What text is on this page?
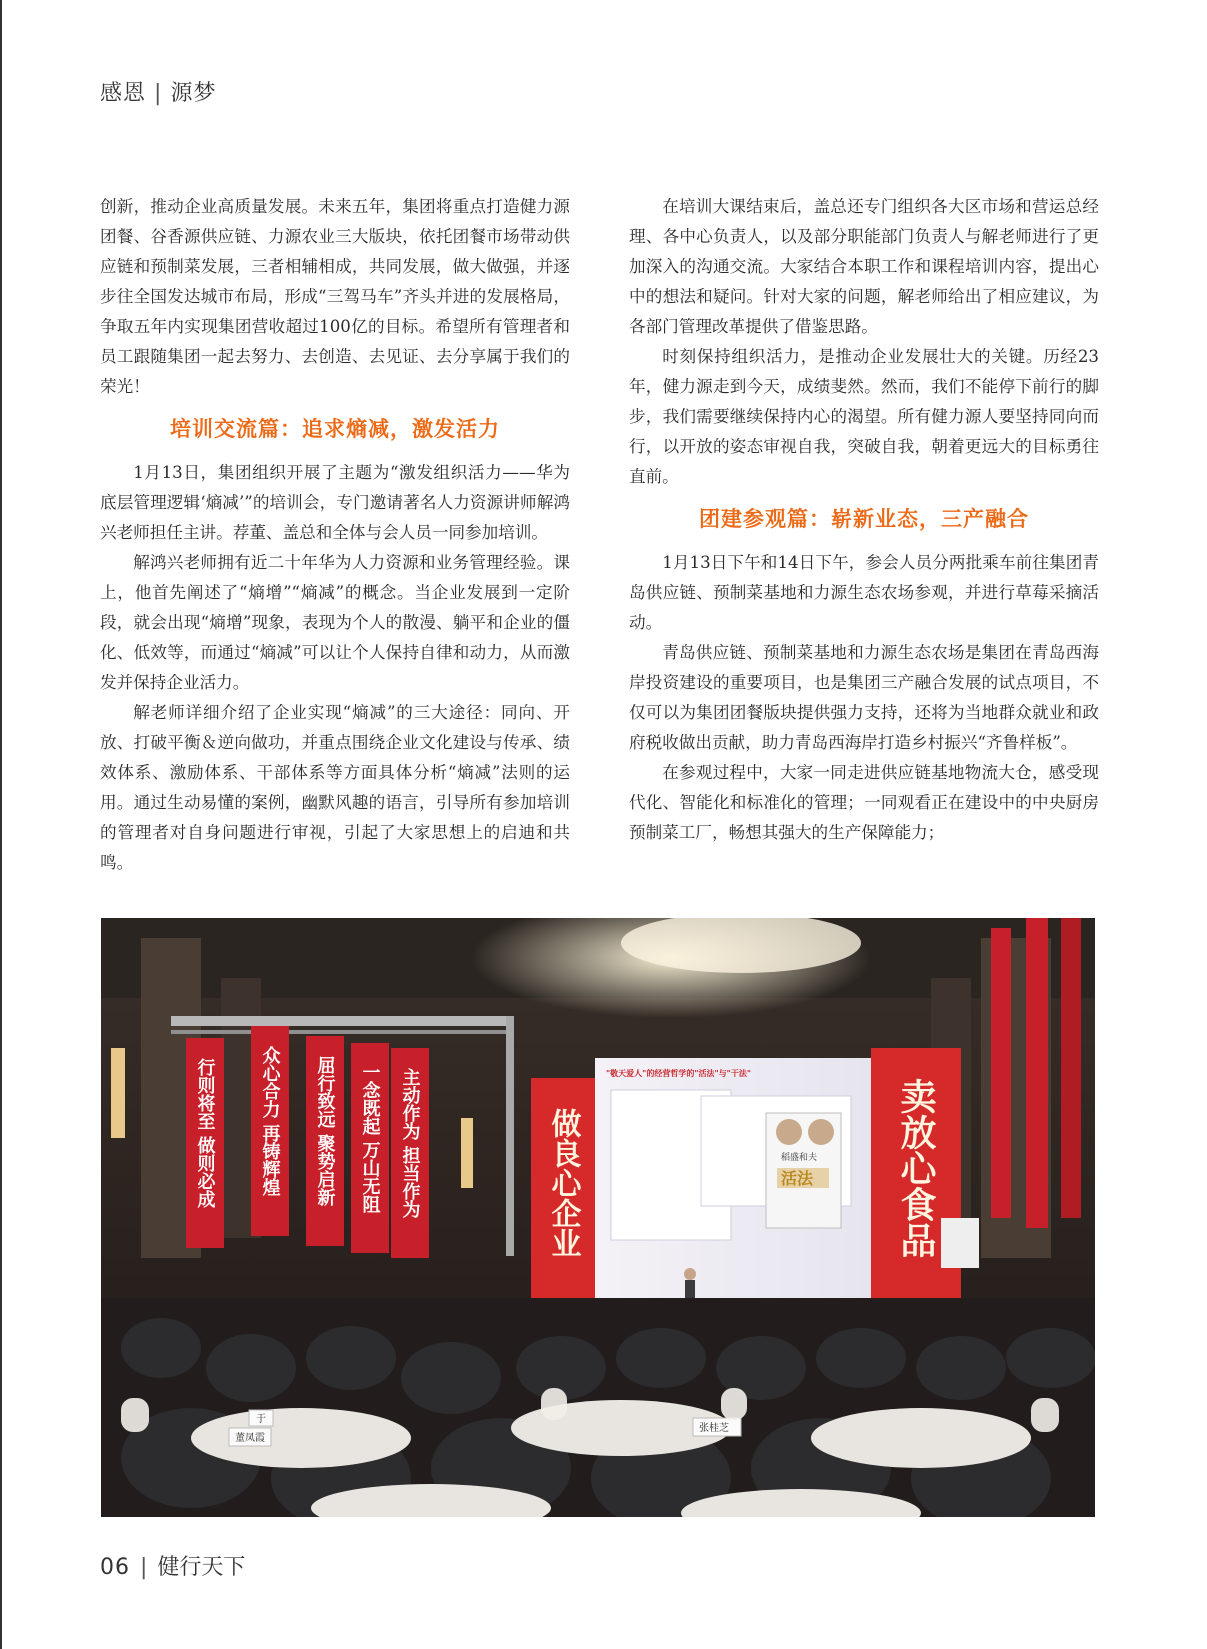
感恩 | 源梦

创新，推动企业高质量发展。未来五年，集团将重点打造健力源团餐、谷香源供应链、力源农业三大版块，依托团餐市场带动供应链和预制菜发展，三者相辅相成，共同发展，做大做强，并逐步往全国发达城市布局，形成“三驾马车”齐头并进的发展格局，争取五年内实现集团营收超过100亿的目标。希望所有管理者和员工跟随集团一起去努力、去创造、去见证、去分享属于我们的荣光！

培训交流篇：追求熵减，激发活力

1月13日，集团组织开展了主题为“激发组织活力——华为底层管理逻辑‘熵减’”的培训会，专门邀请著名人力资源讲师解鸿兴老师担任主讲。荐董、盖总和全体与会人员一同参加培训。

解鸿兴老师拥有近二十年华为人力资源和业务管理经验。课上，他首先阐述了“熵增”“熵减”的概念。当企业发展到一定阶段，就会出现“熵增”现象，表现为个人的散漫、躺平和企业的僵化、低效等，而通过“熵减”可以让个人保持自律和动力，从而激发并保持企业活力。

解老师详细介绍了企业实现“熵减”的三大途径：同向、开放、打破平衡＆逆向做功，并重点围绕企业文化建设与传承、绩效体系、激励体系、干部体系等方面具体分析“熵减”法则的运用。通过生动易懂的案例，幽默风趣的语言，引导所有参加培训的管理者对自身问题进行审视，引起了大家思想上的启迪和共鸣。

在培训大课结束后，盖总还专门组织各大区市场和营运总经理、各中心负责人，以及部分职能部门负责人与解老师进行了更加深入的沟通交流。大家结合本职工作和课程培训内容，提出心中的想法和疑问。针对大家的问题，解老师给出了相应建议，为各部门管理改革提供了借鉴思路。

时刻保持组织活力，是推动企业发展壮大的关键。历经23年，健力源走到今天，成绩斐然。然而，我们不能停下前行的脚步，我们需要继续保持内心的渴望。所有健力源人要坚持同向而行，以开放的姿态审视自我，突破自我，朝着更远大的目标勇往直前。

团建参观篇：崭新业态，三产融合

1月13日下午和14日下午，参会人员分两批乘车前往集团青岛供应链、预制菜基地和力源生态农场参观，并进行草莓采摘活动。

青岛供应链、预制菜基地和力源生态农场是集团在青岛西海岸投资建设的重要项目，也是集团三产融合发展的试点项目，不仅可以为集团团餐版块提供强力支持，还将为当地群众就业和政府税收做出贡献，助力青岛西海岸打造乡村振兴“齐鲁样板”。

在参观过程中，大家一同走进供应链基地物流大仓，感受现代化、智能化和标准化的管理；一同观看正在建设中的中央厨房预制菜工厂，畅想其强大的生产保障能力；

行则将至 做则必成 众心合力 再铸辉煌 屈行致远 聚势启新 一念既起 万山无阻 主动作为 担当作为	做良心企业	卖放心食品
"敬天爱人"的经营哲学的"活法"与"干法"
稻盛和夫
活法
董凤霞
于
张桂芝
06 | 健行天下
